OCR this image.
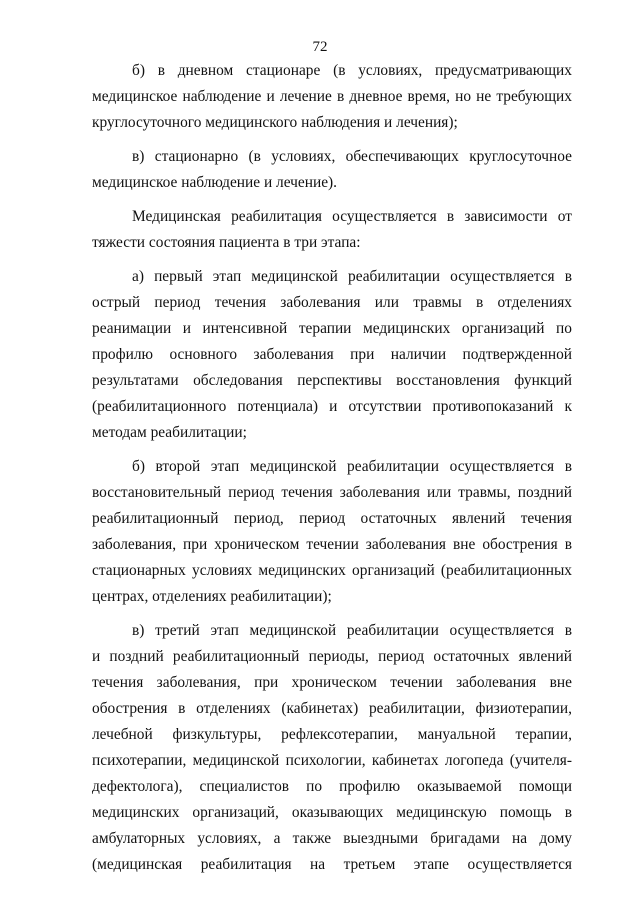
72
б) в дневном стационаре (в условиях, предусматривающих
медицинское наблюдение и лечение в дневное время, но не требующих
круглосуточного медицинского наблюдения и лечения);
в) стационарно (в условиях, обеспечивающих круглосуточное
медицинское наблюдение и лечение).
Медицинская реабилитация осуществляется в зависимости от
тяжести состояния пациента в три этапа:
а) первый этап медицинской реабилитации осуществляется в
острый период течения заболевания или травмы в отделениях
реанимации и интенсивной терапии медицинских организаций по
профилю основного заболевания при наличии подтвержденной
результатами обследования перспективы восстановления функций
(реабилитационного потенциала) и отсутствии противопоказаний к
методам реабилитации;
б) второй этап медицинской реабилитации осуществляется в
восстановительный период течения заболевания или травмы, поздний
реабилитационный период, период остаточных явлений течения
заболевания, при хроническом течении заболевания вне обострения в
стационарных условиях медицинских организаций (реабилитационных
центрах, отделениях реабилитации);
в) третий этап медицинской реабилитации осуществляется в
и поздний реабилитационный периоды, период остаточных явлений
течения заболевания, при хроническом течении заболевания вне
обострения в отделениях (кабинетах) реабилитации, физиотерапии,
лечебной физкультуры, рефлексотерапии, мануальной терапии,
психотерапии, медицинской психологии, кабинетах логопеда (учителя-
дефектолога), специалистов по профилю оказываемой помощи
медицинских организаций, оказывающих медицинскую помощь в
амбулаторных условиях, а также выездными бригадами на дому
(медицинская реабилитация на третьем этапе осуществляется
